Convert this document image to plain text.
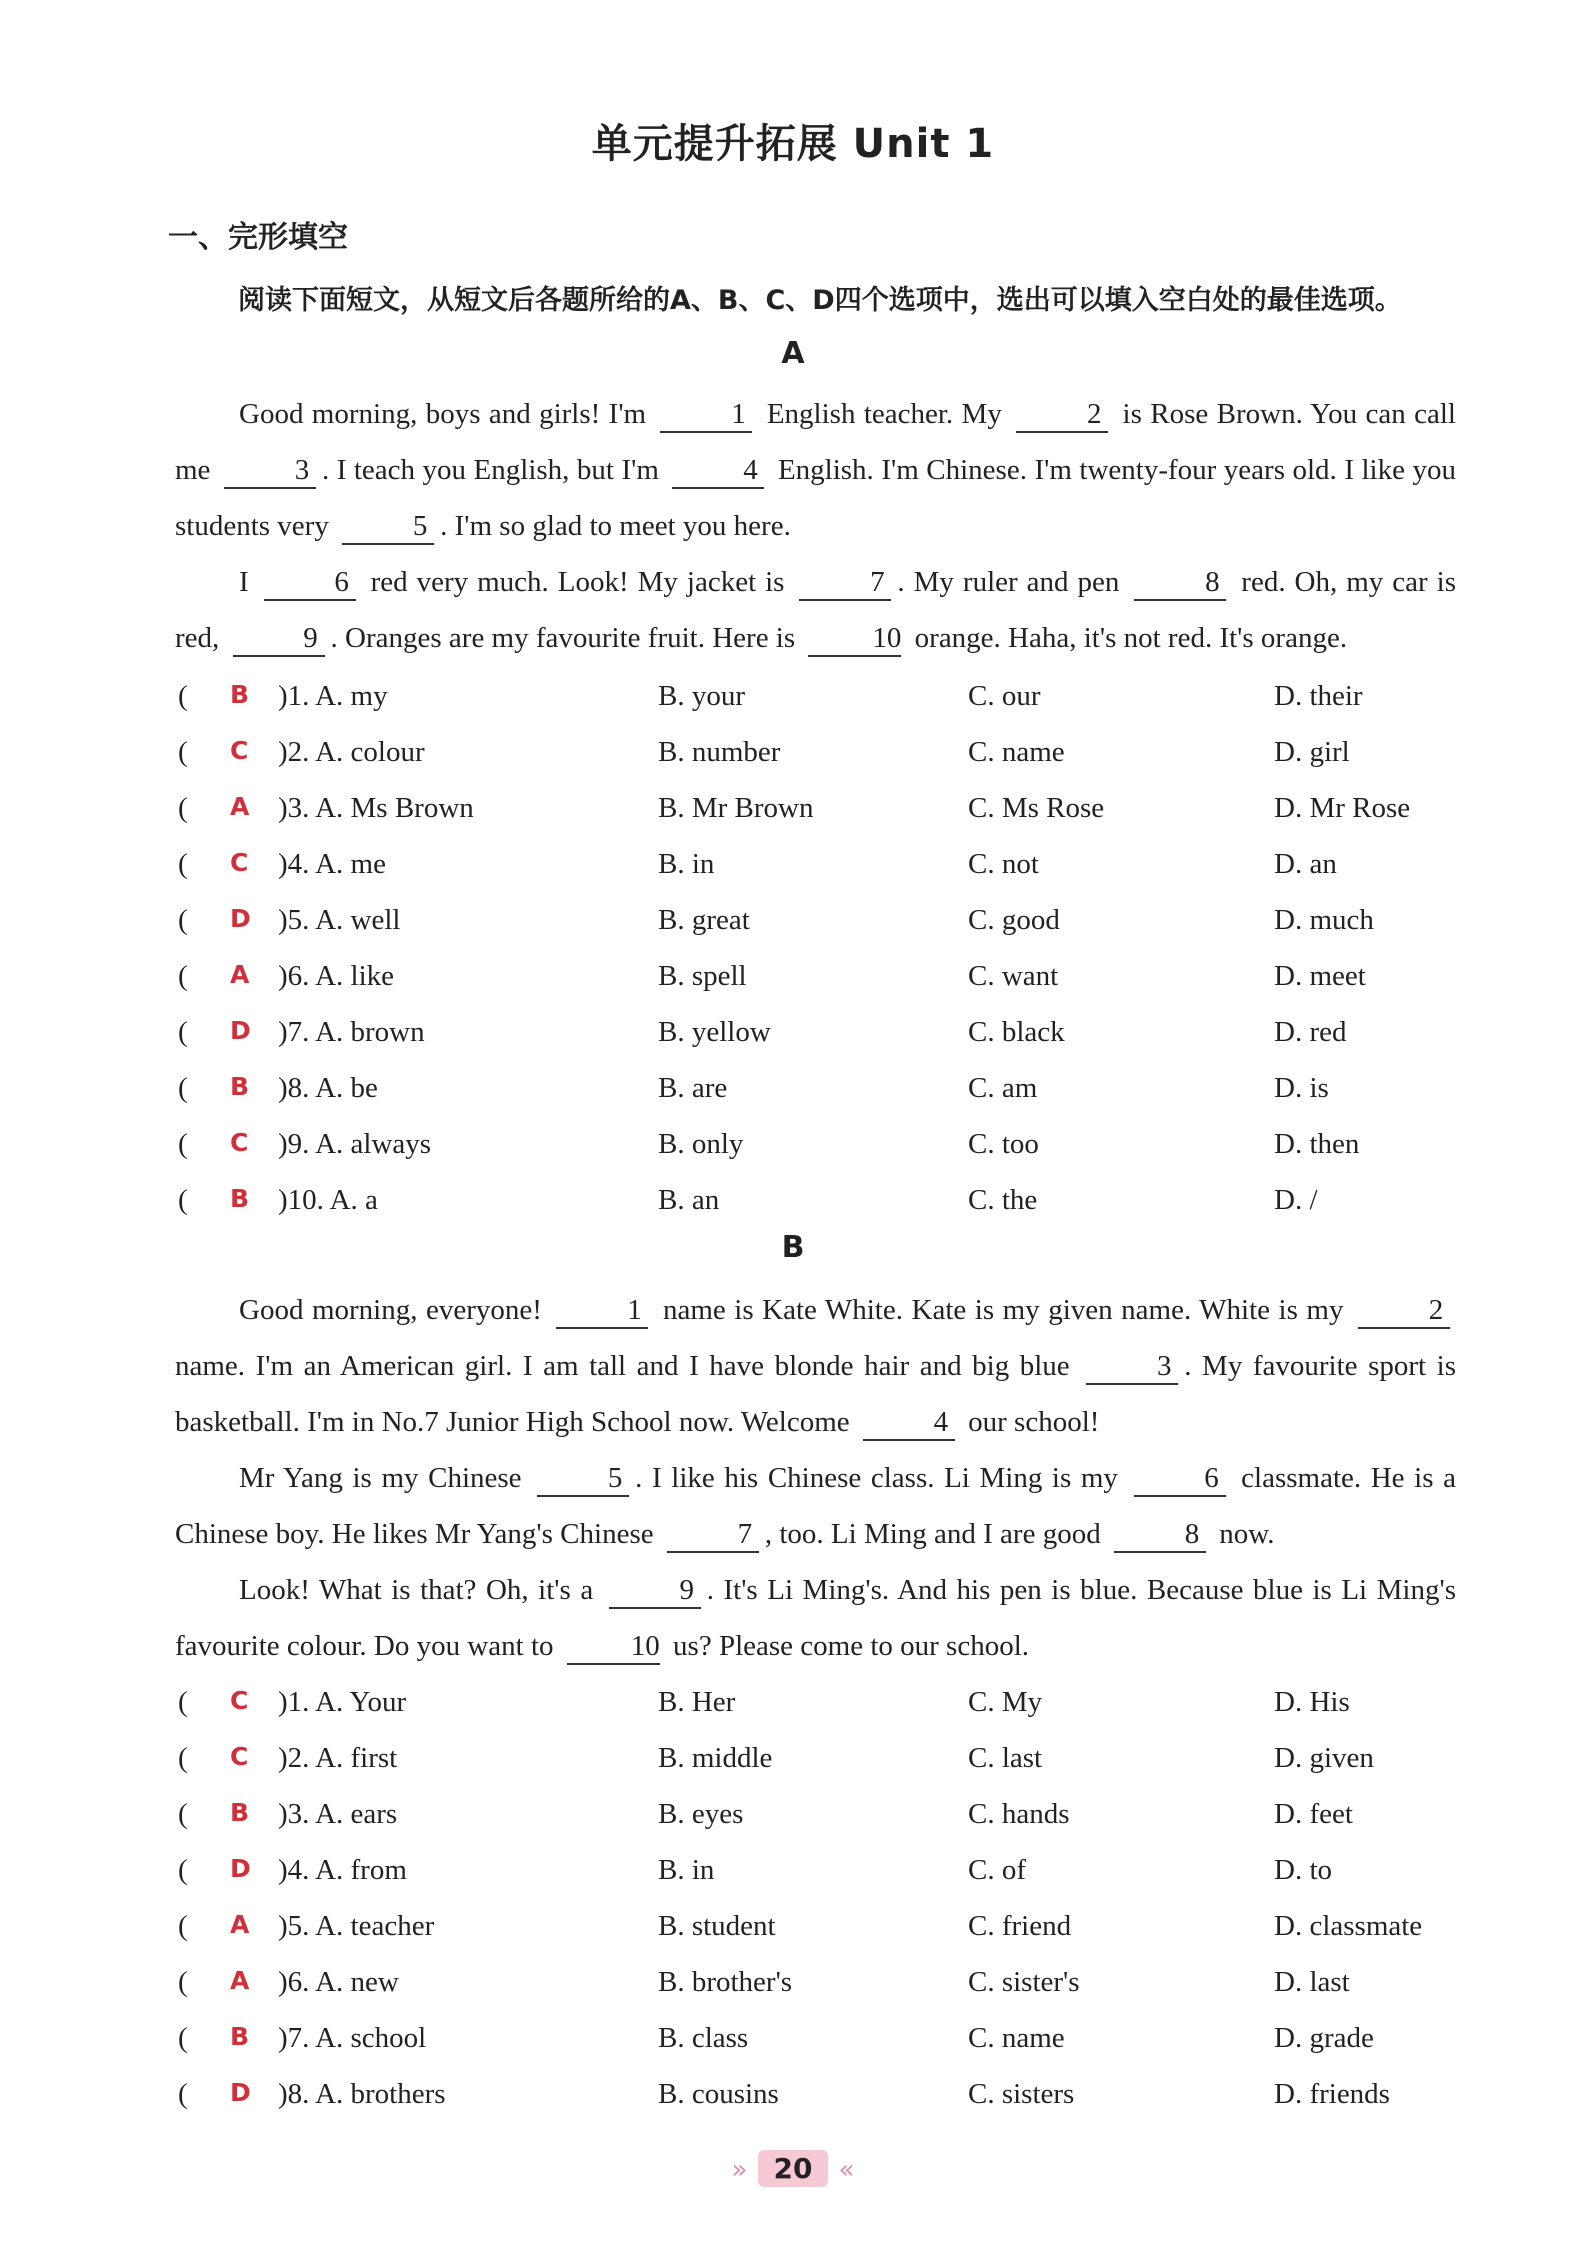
单元提升拓展 Unit 1
一、完形填空
阅读下面短文，从短文后各题所给的A、B、C、D四个选项中，选出可以填入空白处的最佳选项。
A

Good morning, boys and girls! I'm	1 English teacher. My	2 is Rose Brown. You can call me	3 . I teach you English, but I'm	4 English. I'm Chinese. I'm twenty-four years old. I like you students very	5 . I'm so glad to meet you here.

I	6 red very much. Look! My jacket is	7 . My ruler and pen	8 red. Oh, my car is red,	9 . Oranges are my favourite fruit. Here is 10 orange. Haha, it's not red. It's orange.

( B )1. A. my	B. your	C. our	D. their
( C )2. A. colour	B. number	C. name	D. girl
( A )3. A. Ms Brown	B. Mr Brown	C. Ms Rose	D. Mr Rose
( C )4. A. me	B. in	C. not	D. an
( D )5. A. well	B. great	C. good	D. much
( A )6. A. like	B. spell	C. want	D. meet
( D )7. A. brown	B. yellow	C. black	D. red
( B )8. A. be	B. are	C. am	D. is
( C )9. A. always	B. only	C. too	D. then
( B )10. A. a	B. an	C. the	D. /
B

Good morning, everyone!	1 name is Kate White. Kate is my given name. White is my	2 name. I'm an American girl. I am tall and I have blonde hair and big blue	3 . My favourite sport is basketball. I'm in No.7 Junior High School now. Welcome	4 our school!

Mr Yang is my Chinese	5 . I like his Chinese class. Li Ming is my	6 classmate. He is a Chinese boy. He likes Mr Yang's Chinese	7 , too. Li Ming and I are good	8 now.

Look! What is that? Oh, it's a	9 . It's Li Ming's. And his pen is blue. Because blue is Li Ming's favourite colour. Do you want to 10 us? Please come to our school.

( C )1. A. Your	B. Her	C. My	D. His
( C )2. A. first	B. middle	C. last	D. given
( B )3. A. ears	B. eyes	C. hands	D. feet
( D )4. A. from	B. in	C. of	D. to
( A )5. A. teacher	B. student	C. friend	D. classmate
( A )6. A. new	B. brother's	C. sister's	D. last
( B )7. A. school	B. class	C. name	D. grade
( D )8. A. brothers	B. cousins	C. sisters	D. friends
» 20 «
